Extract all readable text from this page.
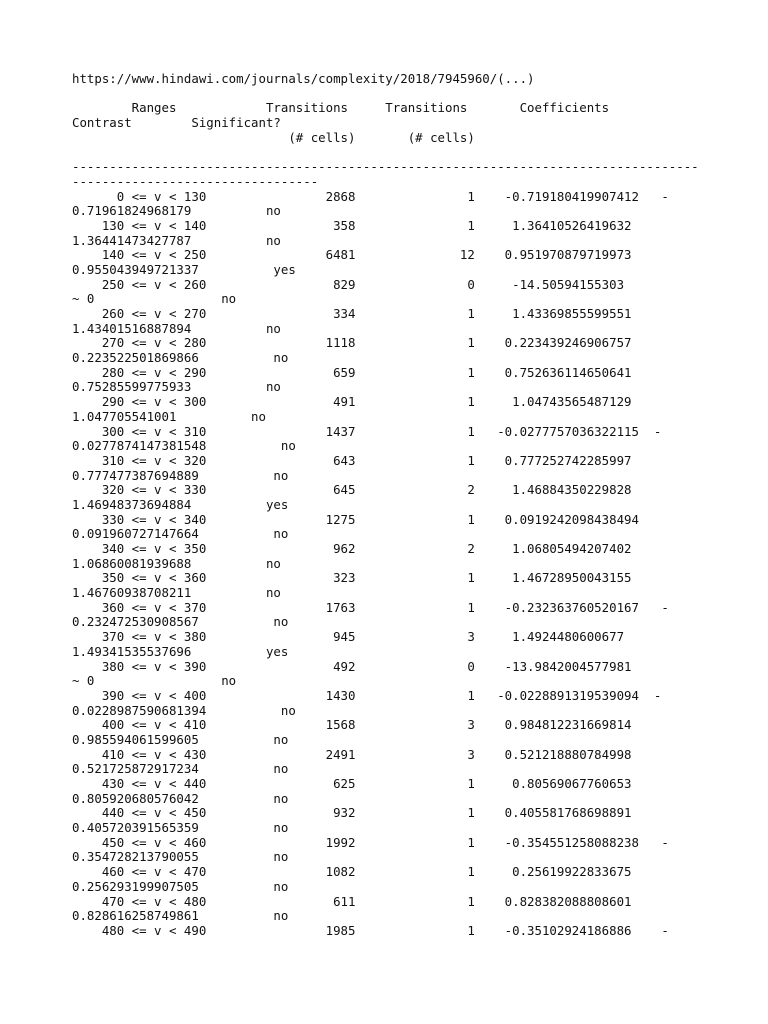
https://www.hindawi.com/journals/complexity/2018/7945960/(...)
Ranges            Transitions     Transitions       Coefficients
Contrast        Significant?
(# cells)       (# cells)
------------------------------------------------------------------------------------
---------------------------------
0 <= v < 130                2868               1    -0.719180419907412   -
0.71961824968179          no
130 <= v < 140                 358               1     1.36410526419632
1.36441473427787          no
140 <= v < 250                6481              12    0.951970879719973
0.955043949721337          yes
250 <= v < 260                 829               0     -14.50594155303
~ 0                 no
260 <= v < 270                 334               1     1.43369855599551
1.43401516887894          no
270 <= v < 280                1118               1    0.223439246906757
0.223522501869866          no
280 <= v < 290                 659               1    0.752636114650641
0.75285599775933          no
290 <= v < 300                 491               1     1.04743565487129
1.047705541001          no
300 <= v < 310                1437               1   -0.0277757036322115  -
0.0277874147381548          no
310 <= v < 320                 643               1    0.777252742285997
0.777477387694889          no
320 <= v < 330                 645               2     1.46884350229828
1.46948373694884          yes
330 <= v < 340                1275               1    0.0919242098438494
0.091960727147664          no
340 <= v < 350                 962               2     1.06805494207402
1.06860081939688          no
350 <= v < 360                 323               1     1.46728950043155
1.46760938708211          no
360 <= v < 370                1763               1    -0.232363760520167   -
0.232472530908567          no
370 <= v < 380                 945               3     1.4924480600677
1.49341535537696          yes
380 <= v < 390                 492               0    -13.9842004577981
~ 0                 no
390 <= v < 400                1430               1   -0.0228891319539094  -
0.0228987590681394          no
400 <= v < 410                1568               3    0.984812231669814
0.985594061599605          no
410 <= v < 430                2491               3    0.521218880784998
0.521725872917234          no
430 <= v < 440                 625               1     0.80569067760653
0.805920680576042          no
440 <= v < 450                 932               1    0.405581768698891
0.405720391565359          no
450 <= v < 460                1992               1    -0.354551258088238   -
0.354728213790055          no
460 <= v < 470                1082               1     0.25619922833675
0.256293199907505          no
470 <= v < 480                 611               1    0.828382088808601
0.828616258749861          no
480 <= v < 490                1985               1    -0.35102924186886    -
